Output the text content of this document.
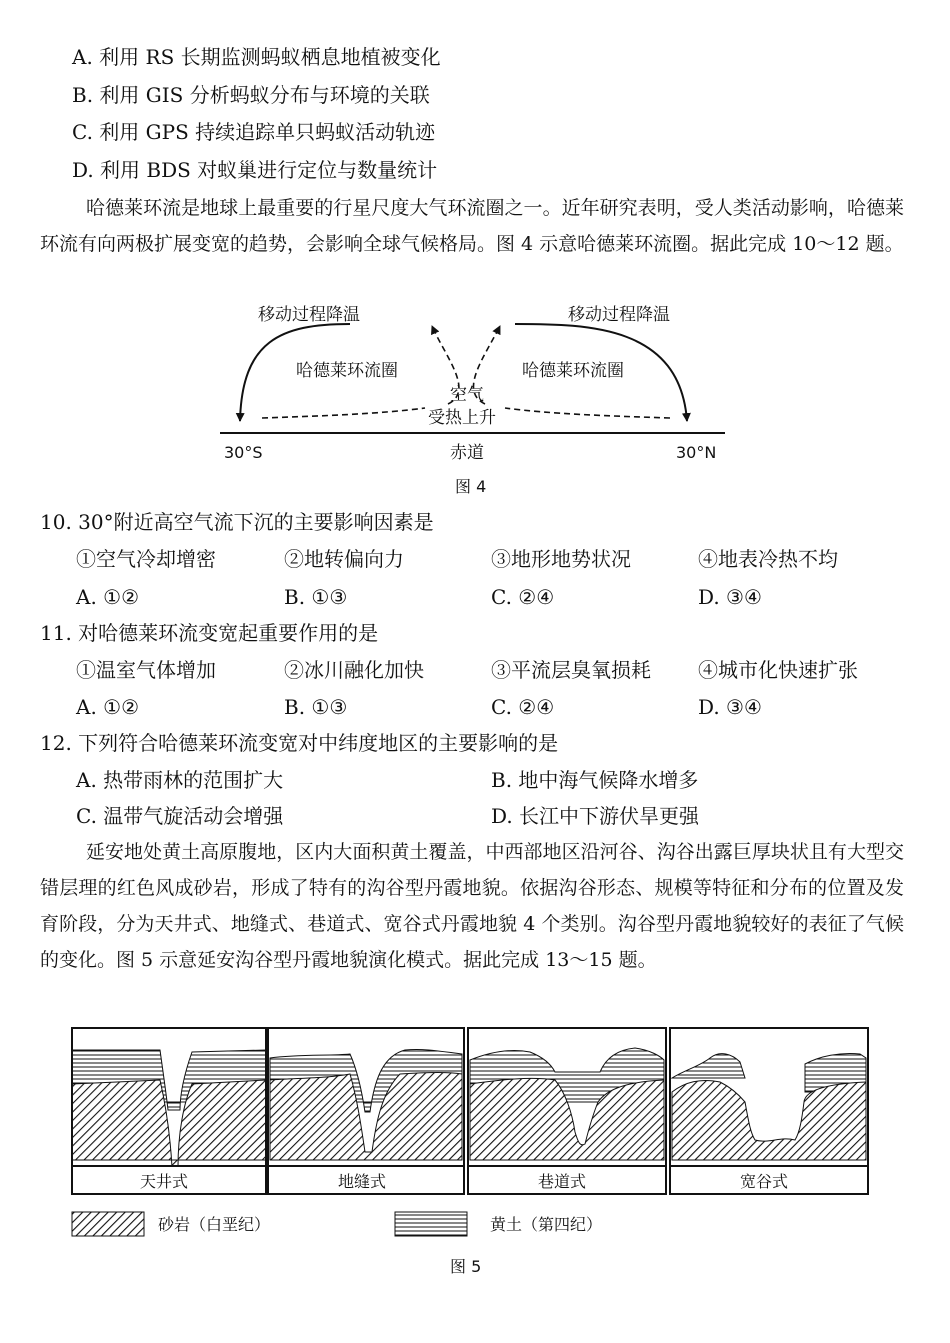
A. 利用 RS 长期监测蚂蚁栖息地植被变化
B. 利用 GIS 分析蚂蚁分布与环境的关联
C. 利用 GPS 持续追踪单只蚂蚁活动轨迹
D. 利用 BDS 对蚁巢进行定位与数量统计
哈德莱环流是地球上最重要的行星尺度大气环流圈之一。近年研究表明，受人类活动影响，哈德莱环流有向两极扩展变宽的趋势，会影响全球气候格局。图 4 示意哈德莱环流圈。据此完成 10～12 题。
移动过程降温	移动过程降温
哈德莱环流圈	哈德莱环流圈
空气
受热上升
30°S	赤道	30°N
图 4
10. 30°附近高空气流下沉的主要影响因素是
①空气冷却增密	②地转偏向力	③地形地势状况	④地表冷热不均
A. ①②	B. ①③	C. ②④	D. ③④
11. 对哈德莱环流变宽起重要作用的是
①温室气体增加	②冰川融化加快	③平流层臭氧损耗 ④城市化快速扩张
A. ①②	B. ①③	C. ②④	D. ③④
12. 下列符合哈德莱环流变宽对中纬度地区的主要影响的是
A. 热带雨林的范围扩大	B. 地中海气候降水增多
C. 温带气旋活动会增强	D. 长江中下游伏旱更强
延安地处黄土高原腹地，区内大面积黄土覆盖，中西部地区沿河谷、沟谷出露巨厚块状且有大型交错层理的红色风成砂岩，形成了特有的沟谷型丹霞地貌。依据沟谷形态、规模等特征和分布的位置及发育阶段，分为天井式、地缝式、巷道式、宽谷式丹霞地貌 4 个类别。沟谷型丹霞地貌较好的表征了气候的变化。图 5 示意延安沟谷型丹霞地貌演化模式。据此完成 13～15 题。
天井式	地缝式	巷道式	宽谷式
砂岩（白垩纪）	黄土（第四纪）
图 5
